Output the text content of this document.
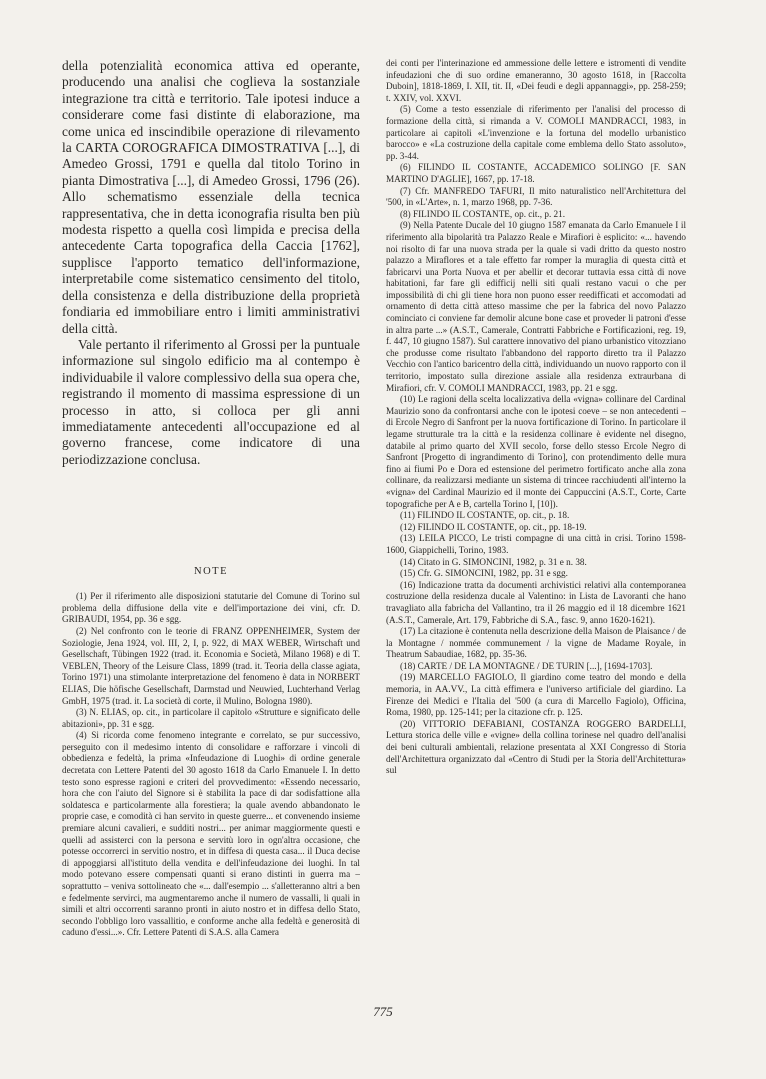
della potenzialità economica attiva ed operante, producendo una analisi che coglieva la sostanziale integrazione tra città e territorio. Tale ipotesi induce a considerare come fasi distinte di elaborazione, ma come unica ed inscindibile operazione di rilevamento la CARTA COROGRAFICA DIMOSTRATIVA [...], di Amedeo Grossi, 1791 e quella dal titolo Torino in pianta Dimostrativa [...], di Amedeo Grossi, 1796 (26). Allo schematismo essenziale della tecnica rappresentativa, che in detta iconografia risulta ben più modesta rispetto a quella così limpida e precisa della antecedente Carta topografica della Caccia [1762], supplisce l'apporto tematico dell'informazione, interpretabile come sistematico censimento del titolo, della consistenza e della distribuzione della proprietà fondiaria ed immobiliare entro i limiti amministrativi della città.

Vale pertanto il riferimento al Grossi per la puntuale informazione sul singolo edificio ma al contempo è individuabile il valore complessivo della sua opera che, registrando il momento di massima espressione di un processo in atto, si colloca per gli anni immediatamente antecedenti all'occupazione ed al governo francese, come indicatore di una periodizzazione conclusa.

NOTE

(1) Per il riferimento alle disposizioni statutarie del Comune di Torino sul problema della diffusione della vite e dell'importazione dei vini, cfr. D. GRIBAUDI, 1954, pp. 36 e sgg.

(2) Nel confronto con le teorie di FRANZ OPPENHEIMER, System der Soziologie, Jena 1924, vol. III, 2, I, p. 922, di MAX WEBER, Wirtschaft und Gesellschaft, Tübingen 1922 (trad. it. Economia e Società, Milano 1968) e di T. VEBLEN, Theory of the Leisure Class, 1899 (trad. it. Teoria della classe agiata, Torino 1971) una stimolante interpretazione del fenomeno è data in NORBERT ELIAS, Die höfische Gesellschaft, Darmstad und Neuwied, Luchterhand Verlag GmbH, 1975 (trad. it. La società di corte, il Mulino, Bologna 1980).

(3) N. ELIAS, op. cit., in particolare il capitolo «Strutture e significato delle abitazioni», pp. 31 e sgg.

(4) Si ricorda come fenomeno integrante e correlato, se pur successivo, perseguito con il medesimo intento di consolidare e rafforzare i vincoli di obbedienza e fedeltà, la prima «Infeudazione di Luoghi» di ordine generale decretata con Lettere Patenti del 30 agosto 1618 da Carlo Emanuele I. In detto testo sono espresse ragioni e criteri del provvedimento: «Essendo necessario, hora che con l'aiuto del Signore si è stabilita la pace di dar sodisfattione alla soldatesca e particolarmente alla forestiera; la quale avendo abbandonato le proprie case, e comodità ci han servito in queste guerre... et convenendo insieme premiare alcuni cavalieri, e sudditi nostri... per animar maggiormente questi e quelli ad assisterci con la persona e servitù loro in ogn'altra occasione, che potesse occorrerci in servitio nostro, et in diffesa di questa casa... il Duca decise di appoggiarsi all'istituto della vendita e dell'infeudazione dei luoghi. In tal modo potevano essere compensati quanti si erano distinti in guerra ma – soprattutto – veniva sottolineato che «... dall'esempio ... s'alletteranno altri a ben e fedelmente servirci, ma augmentaremo anche il numero de vassalli, li quali in simili et altri occorrenti saranno pronti in aiuto nostro et in diffesa dello Stato, secondo l'obbligo loro vassallitio, e conforme anche alla fedeltà e generosità di caduno d'essi...». Cfr. Lettere Patenti di S.A.S. alla Camera

dei conti per l'interinazione ed ammessione delle lettere e istromenti di vendite infeudazioni che di suo ordine emaneranno, 30 agosto 1618, in [Raccolta Duboin], 1818-1869, I. XII, tit. II, «Dei feudi e degli appannaggi», pp. 258-259; t. XXIV, vol. XXVI.

(5) Come a testo essenziale di riferimento per l'analisi del processo di formazione della città, si rimanda a V. COMOLI MANDRACCI, 1983, in particolare ai capitoli «L'invenzione e la fortuna del modello urbanistico barocco» e «La costruzione della capitale come emblema dello Stato assoluto», pp. 3-44.

(6) FILINDO IL COSTANTE, ACCADEMICO SOLINGO [F. SAN MARTINO D'AGLIE], 1667, pp. 17-18.

(7) Cfr. MANFREDO TAFURI, Il mito naturalistico nell'Architettura del '500, in «L'Arte», n. 1, marzo 1968, pp. 7-36.

(8) FILINDO IL COSTANTE, op. cit., p. 21.

(9) Nella Patente Ducale del 10 giugno 1587 emanata da Carlo Emanuele I il riferimento alla bipolarità tra Palazzo Reale e Mirafiori è esplicito: «... havendo noi risolto di far una nuova strada per la quale si vadi dritto da questo nostro palazzo a Miraflores et a tale effetto far romper la muraglia di questa città et fabricarvi una Porta Nuova et per abellir et decorar tuttavia essa città di nove habitationi, far fare gli edifficij nelli siti quali restano vacui o che per impossibilità di chi gli tiene hora non puono esser reedifficati et accomodati ad ornamento di detta città atteso massime che per la fabrica del novo Palazzo cominciato ci conviene far demolir alcune bone case et proveder li patroni d'esse in altra parte ...» (A.S.T., Camerale, Contratti Fabbriche e Fortificazioni, reg. 19, f. 447, 10 giugno 1587). Sul carattere innovativo del piano urbanistico vitozziano che produsse come risultato l'abbandono del rapporto diretto tra il Palazzo Vecchio con l'antico baricentro della città, individuando un nuovo rapporto con il territorio, impostato sulla direzione assiale alla residenza extraurbana di Mirafiori, cfr. V. COMOLI MANDRACCI, 1983, pp. 21 e sgg.

(10) Le ragioni della scelta localizzativa della «vigna» collinare del Cardinal Maurizio sono da confrontarsi anche con le ipotesi coeve – se non antecedenti – di Ercole Negro di Sanfront per la nuova fortificazione di Torino. In particolare il legame strutturale tra la città e la residenza collinare è evidente nel disegno, databile al primo quarto del XVII secolo, forse dello stesso Ercole Negro di Sanfront [Progetto di ingrandimento di Torino], con protendimento delle mura fino ai fiumi Po e Dora ed estensione del perimetro fortificato anche alla zona collinare, da realizzarsi mediante un sistema di trincee racchiudenti all'interno la «vigna» del Cardinal Maurizio ed il monte dei Cappuccini (A.S.T., Corte, Carte topografiche per A e B, cartella Torino I, [10]).

(11) FILINDO IL COSTANTE, op. cit., p. 18.

(12) FILINDO IL COSTANTE, op. cit., pp. 18-19.

(13) LEILA PICCO, Le tristi compagne di una città in crisi. Torino 1598-1600, Giappichelli, Torino, 1983.

(14) Citato in G. SIMONCINI, 1982, p. 31 e n. 38.

(15) Cfr. G. SIMONCINI, 1982, pp. 31 e sgg.

(16) Indicazione tratta da documenti archivistici relativi alla contemporanea costruzione della residenza ducale al Valentino: in Lista de Lavoranti che hano travagliato alla fabricha del Vallantino, tra il 26 maggio ed il 18 dicembre 1621 (A.S.T., Camerale, Art. 179, Fabbriche di S.A., fasc. 9, anno 1620-1621).

(17) La citazione è contenuta nella descrizione della Maison de Plaisance / de la Montagne / nommée communement / la vigne de Madame Royale, in Theatrum Sabaudiae, 1682, pp. 35-36.

(18) CARTE / DE LA MONTAGNE / DE TURIN [...], [1694-1703].

(19) MARCELLO FAGIOLO, Il giardino come teatro del mondo e della memoria, in AA.VV., La città effimera e l'universo artificiale del giardino. La Firenze dei Medici e l'Italia del '500 (a cura di Marcello Fagiolo), Officina, Roma, 1980, pp. 125-141; per la citazione cfr. p. 125.

(20) VITTORIO DEFABIANI, COSTANZA ROGGERO BARDELLI, Lettura storica delle ville e «vigne» della collina torinese nel quadro dell'analisi dei beni culturali ambientali, relazione presentata al XXI Congresso di Storia dell'Architettura organizzato dal «Centro di Studi per la Storia dell'Architettura» sul

775
